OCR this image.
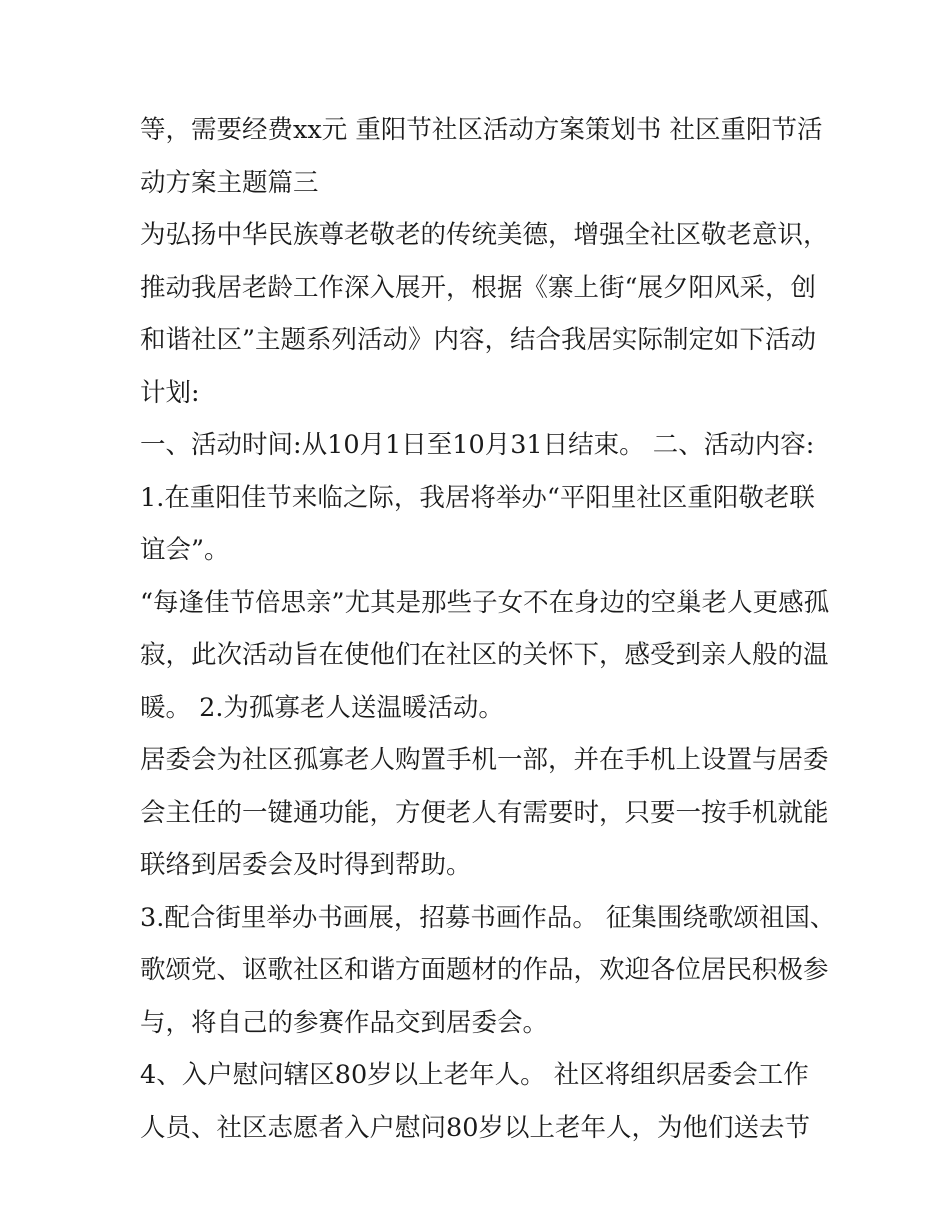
等，需要经费xx元 重阳节社区活动方案策划书 社区重阳节活
动方案主题篇三
为弘扬中华民族尊老敬老的传统美德，增强全社区敬老意识，
推动我居老龄工作深入展开，根据《寨上街“展夕阳风采，创
和谐社区”主题系列活动》内容，结合我居实际制定如下活动
计划:
一、活动时间:从10月1日至10月31日结束。 二、活动内容:
1.在重阳佳节来临之际，我居将举办“平阳里社区重阳敬老联
谊会”。
“每逢佳节倍思亲”尤其是那些子女不在身边的空巢老人更感孤
寂，此次活动旨在使他们在社区的关怀下，感受到亲人般的温
暖。 2.为孤寡老人送温暖活动。
居委会为社区孤寡老人购置手机一部，并在手机上设置与居委
会主任的一键通功能，方便老人有需要时，只要一按手机就能
联络到居委会及时得到帮助。
3.配合街里举办书画展，招募书画作品。 征集围绕歌颂祖国、
歌颂党、讴歌社区和谐方面题材的作品，欢迎各位居民积极参
与，将自己的参赛作品交到居委会。
4、入户慰问辖区80岁以上老年人。 社区将组织居委会工作
人员、社区志愿者入户慰问80岁以上老年人，为他们送去节
